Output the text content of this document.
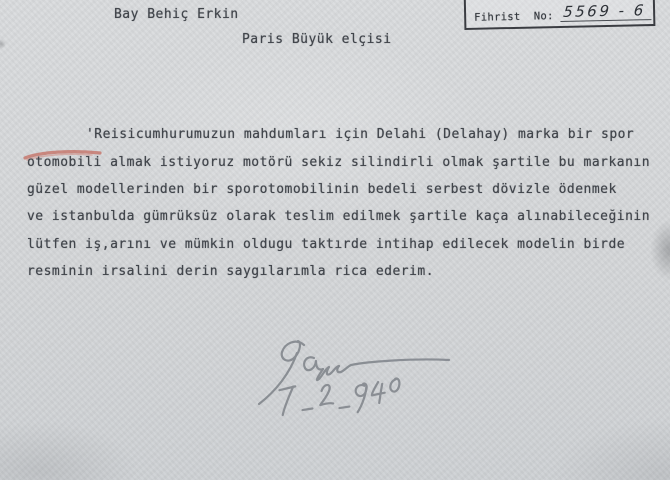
Bay Behiç Erkin
Paris Büyük elçisi
Fihrist  No: 5569 - 6
'Reisicumhurumuzun mahdumları için Delahi (Delahay) marka bir spor
otomobili almak istiyoruz motörü sekiz silindirli olmak şartile bu markanın
güzel modellerinden bir sporotomobilinin bedeli serbest dövizle ödenmek
ve istanbulda gümrüksüz olarak teslim edilmek şartile kaça alınabileceğinin
lütfen iş,arını ve mümkin oldugu taktırde intihap edilecek modelin birde
resminin irsalini derin saygılarımla rica ederim.
